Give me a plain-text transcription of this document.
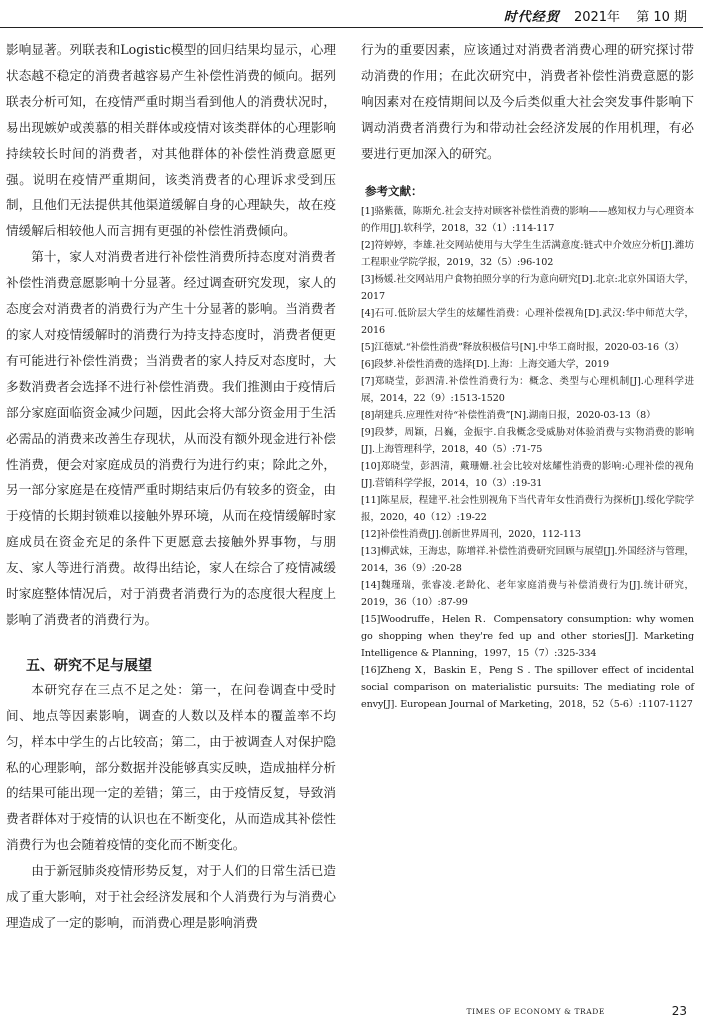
时代经贸 2021年 第 10 期

影响显著。列联表和Logistic模型的回归结果均显示，心理状态越不稳定的消费者越容易产生补偿性消费的倾向。据列联表分析可知，在疫情严重时期当看到他人的消费状况时，易出现嫉妒或羡慕的相关群体或疫情对该类群体的心理影响持续较长时间的消费者，对其他群体的补偿性消费意愿更强。说明在疫情严重期间，该类消费者的心理诉求受到压制，且他们无法提供其他渠道缓解自身的心理缺失，故在疫情缓解后相较他人而言拥有更强的补偿性消费倾向。

第十，家人对消费者进行补偿性消费所持态度对消费者补偿性消费意愿影响十分显著。经过调查研究发现，家人的态度会对消费者的消费行为产生十分显著的影响。当消费者的家人对疫情缓解时的消费行为持支持态度时，消费者便更有可能进行补偿性消费；当消费者的家人持反对态度时，大多数消费者会选择不进行补偿性消费。我们推测由于疫情后部分家庭面临资金减少问题，因此会将大部分资金用于生活必需品的消费来改善生存现状，从而没有额外现金进行补偿性消费，便会对家庭成员的消费行为进行约束；除此之外，另一部分家庭是在疫情严重时期结束后仍有较多的资金，由于疫情的长期封锁难以接触外界环境，从而在疫情缓解时家庭成员在资金充足的条件下更愿意去接触外界事物，与朋友、家人等进行消费。故得出结论，家人在综合了疫情减缓时家庭整体情况后，对于消费者消费行为的态度很大程度上影响了消费者的消费行为。

五、研究不足与展望

本研究存在三点不足之处：第一，在问卷调查中受时间、地点等因素影响，调查的人数以及样本的覆盖率不均匀，样本中学生的占比较高；第二，由于被调查人对保护隐私的心理影响，部分数据并没能够真实反映，造成抽样分析的结果可能出现一定的差错；第三，由于疫情反复，导致消费者群体对于疫情的认识也在不断变化，从而造成其补偿性消费行为也会随着疫情的变化而不断变化。

由于新冠肺炎疫情形势反复，对于人们的日常生活已造成了重大影响，对于社会经济发展和个人消费行为与消费心理造成了一定的影响，而消费心理是影响消费

行为的重要因素，应该通过对消费者消费心理的研究探讨带动消费的作用；在此次研究中，消费者补偿性消费意愿的影响因素对在疫情期间以及今后类似重大社会突发事件影响下调动消费者消费行为和带动社会经济发展的作用机理，有必要进行更加深入的研究。

参考文献：

[1]骆紫薇，陈斯允.社会支持对顾客补偿性消费的影响——感知权力与心理资本的作用[J].软科学，2018，32（1）:114-117

[2]符婷婷，李雄.社交网站使用与大学生生活满意度:链式中介效应分析[J].潍坊工程职业学院学报，2019，32（5）:96-102

[3]杨媛.社交网站用户食物拍照分享的行为意向研究[D].北京:北京外国语大学，2017

[4]石可.低阶层大学生的炫耀性消费：心理补偿视角[D].武汉:华中师范大学，2016

[5]江德斌.“补偿性消费”释放积极信号[N].中华工商时报，2020-03-16（3）

[6]段梦.补偿性消费的选择[D].上海：上海交通大学，2019

[7]郑晓莹，彭泗清.补偿性消费行为：概念、类型与心理机制[J].心理科学进展，2014，22（9）:1513-1520

[8]胡建兵.应理性对待“补偿性消费”[N].湖南日报，2020-03-13（8）

[9]段梦，周颖，吕巍，金振宇.自我概念受威胁对体验消费与实物消费的影响[J].上海管理科学，2018，40（5）:71-75

[10]郑晓莹，彭泗清，戴珊姗.社会比较对炫耀性消费的影响:心理补偿的视角[J].营销科学学报，2014，10（3）:19-31

[11]陈星辰，程建平.社会性别视角下当代青年女性消费行为探析[J].绥化学院学报，2020，40（12）:19-22

[12]补偿性消费[J].创新世界周刊，2020，112-113

[13]柳武妹，王海忠，陈增祥.补偿性消费研究回顾与展望[J].外国经济与管理，2014，36（9）:20-28

[14]魏瑾瑞，张睿凌.老龄化、老年家庭消费与补偿消费行为[J].统计研究，2019，36（10）:87-99

[15]Woodruffe，Helen R．Compensatory consumption: why women go shopping when they're fed up and other stories[J]. Marketing Intelligence & Planning，1997，15（7）:325-334

[16]Zheng X，Baskin E，Peng S . The spillover effect of incidental social comparison on materialistic pursuits: The mediating role of envy[J]. European Journal of Marketing，2018，52（5-6）:1107-1127

TIMES OF ECONOMY & TRADE	23
